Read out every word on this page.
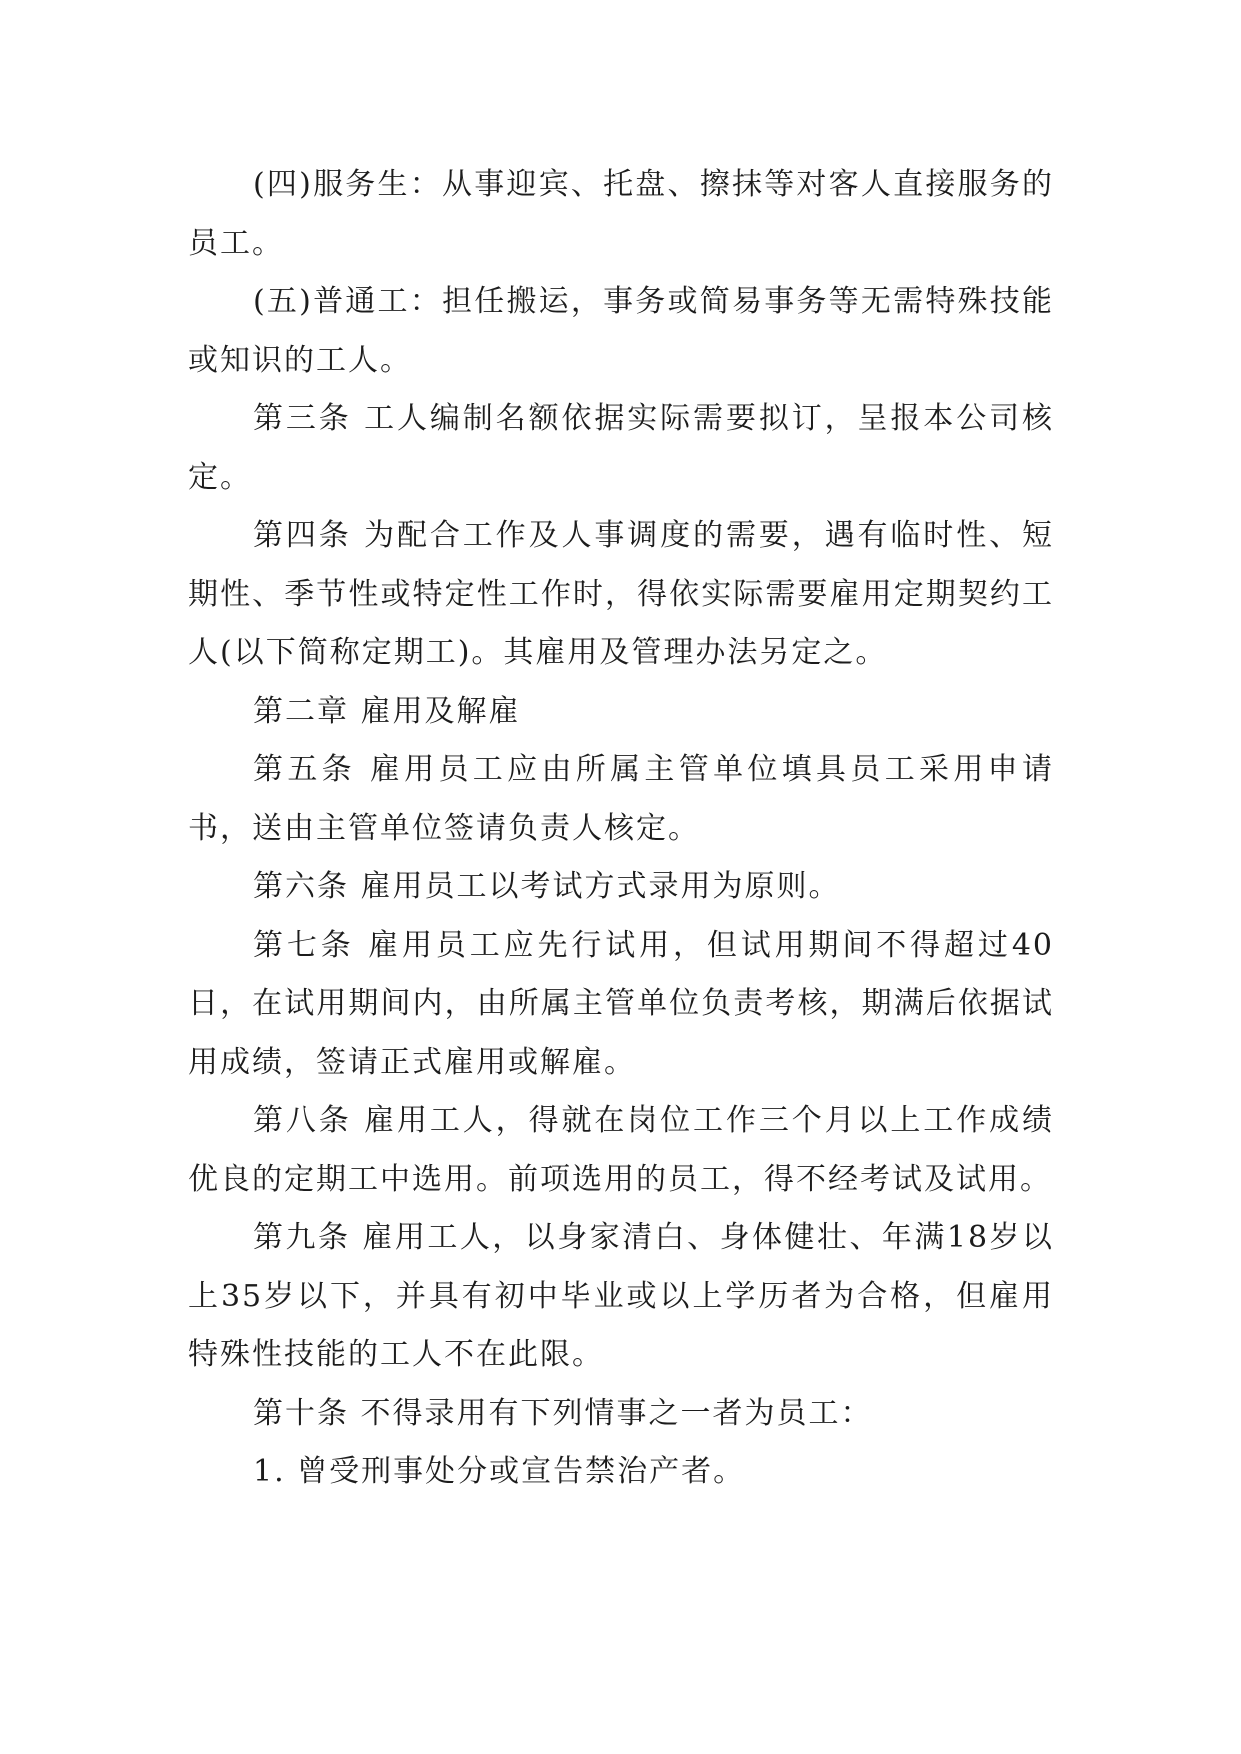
(四)服务生：从事迎宾、托盘、擦抹等对客人直接服务的员工。

(五)普通工：担任搬运，事务或简易事务等无需特殊技能或知识的工人。

第三条 工人编制名额依据实际需要拟订，呈报本公司核定。

第四条 为配合工作及人事调度的需要，遇有临时性、短期性、季节性或特定性工作时，得依实际需要雇用定期契约工人(以下简称定期工)。其雇用及管理办法另定之。

第二章 雇用及解雇

第五条 雇用员工应由所属主管单位填具员工采用申请书，送由主管单位签请负责人核定。

第六条 雇用员工以考试方式录用为原则。

第七条 雇用员工应先行试用，但试用期间不得超过40日，在试用期间内，由所属主管单位负责考核，期满后依据试用成绩，签请正式雇用或解雇。

第八条 雇用工人，得就在岗位工作三个月以上工作成绩优良的定期工中选用。前项选用的员工，得不经考试及试用。

第九条 雇用工人，以身家清白、身体健壮、年满18岁以上35岁以下，并具有初中毕业或以上学历者为合格，但雇用特殊性技能的工人不在此限。

第十条 不得录用有下列情事之一者为员工：

1. 曾受刑事处分或宣告禁治产者。
